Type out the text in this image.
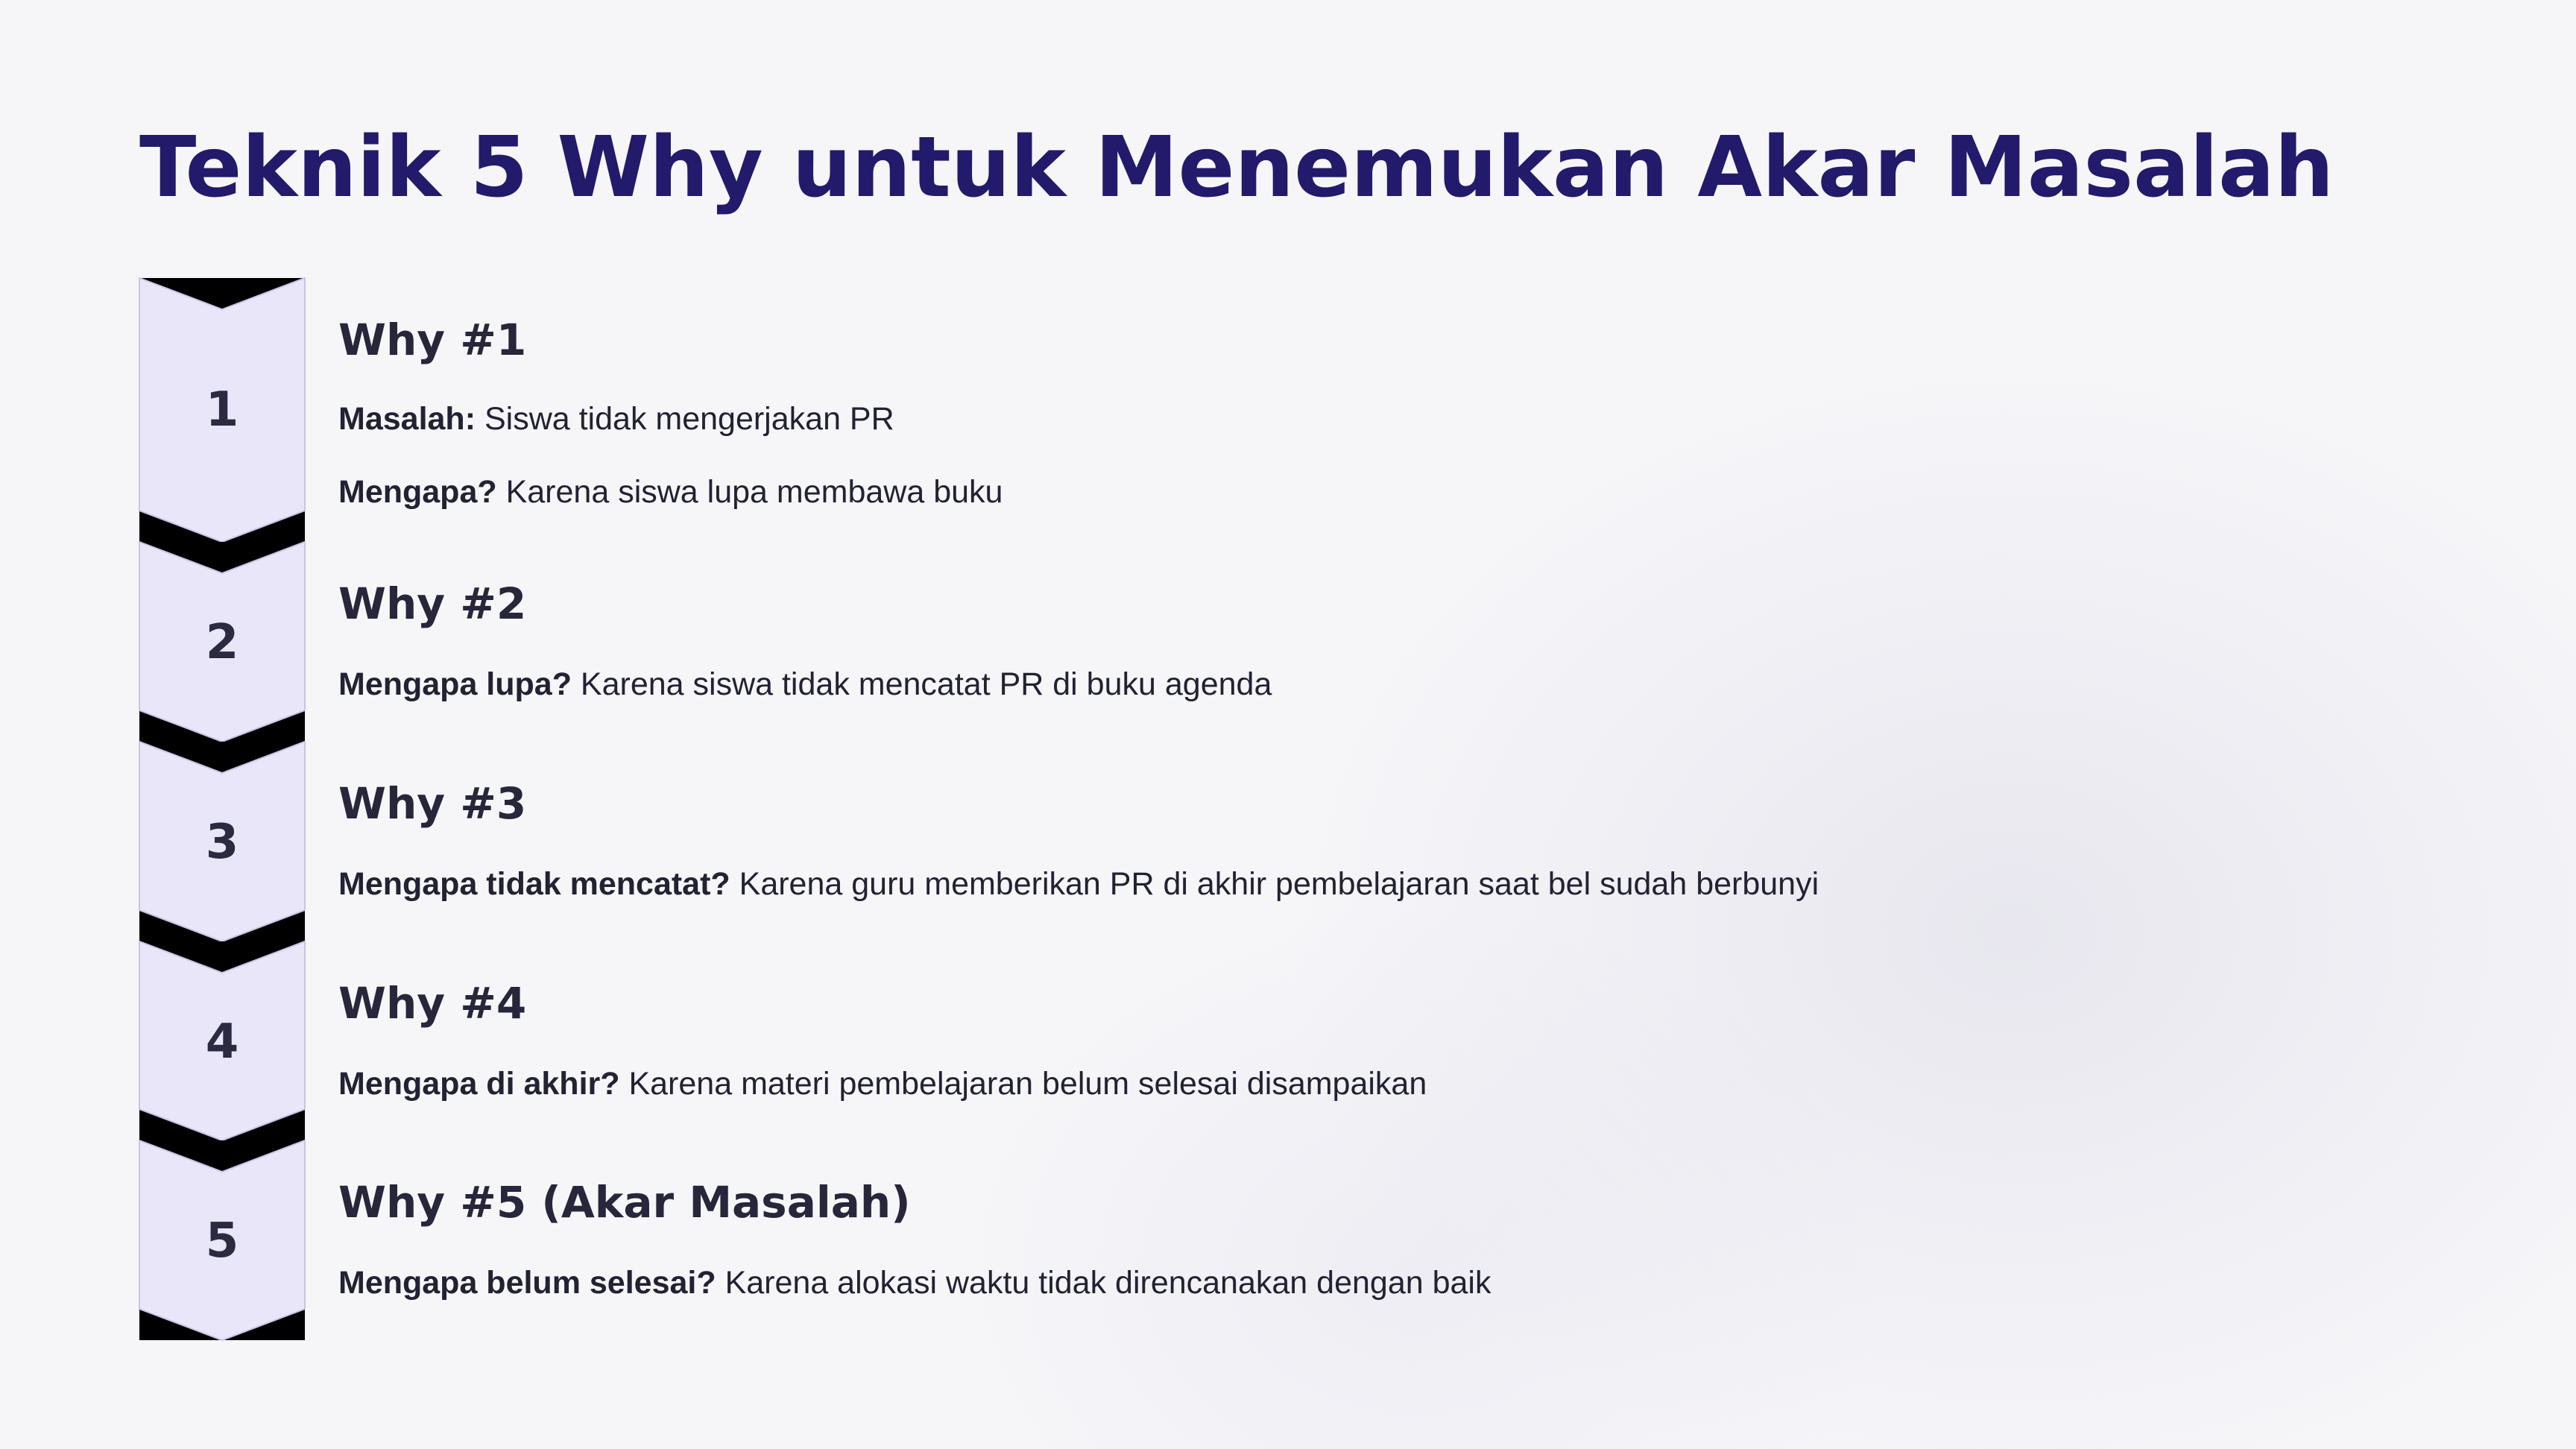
Teknik 5 Why untuk Menemukan Akar Masalah
1
Why #1

Masalah: Siswa tidak mengerjakan PR

Mengapa? Karena siswa lupa membawa buku

2
Why #2

Mengapa lupa? Karena siswa tidak mencatat PR di buku agenda

3
Why #3

Mengapa tidak mencatat? Karena guru memberikan PR di akhir pembelajaran saat bel sudah berbunyi

4
Why #4

Mengapa di akhir? Karena materi pembelajaran belum selesai disampaikan

5
Why #5 (Akar Masalah)

Mengapa belum selesai? Karena alokasi waktu tidak direncanakan dengan baik
